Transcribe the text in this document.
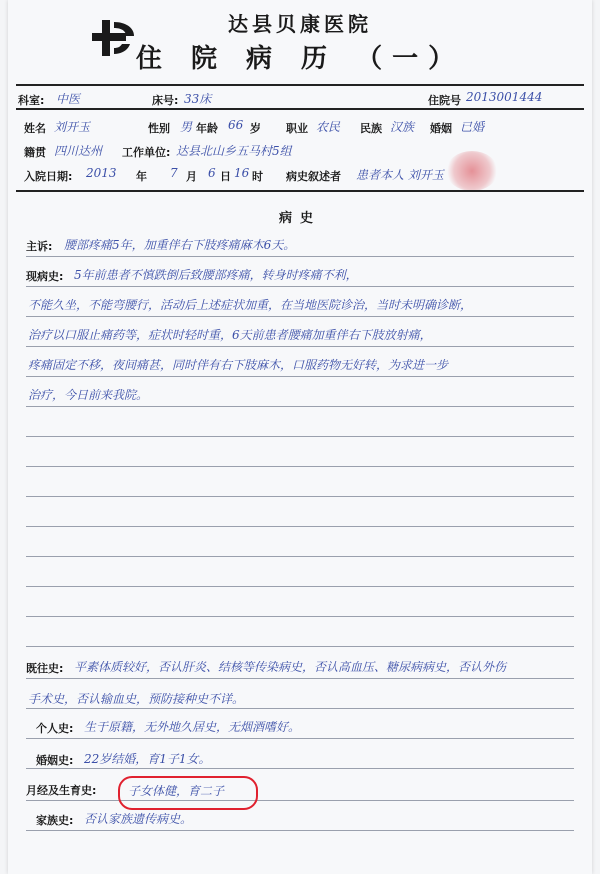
达县贝康医院
住 院 病 历 （一）
科室: 中医	床号: 33床	住院号 2013001444
姓名 刘开玉	性别 男 年龄 66 岁 职业 农民 民族 汉族 婚姻 已婚
籍贯 四川达州 工作单位: 达县北山乡五马村5组
入院日期: 2013 年 7 月 6 日 16 时 病史叙述者 患者本人 刘开玉
病史
主诉: 腰部疼痛5年，加重伴右下肢疼痛麻木6天。
现病史: 5年前患者不慎跌倒后致腰部疼痛，转身时疼痛不利，
不能久坐，不能弯腰行，活动后上述症状加重，在当地医院诊治，当时未明确诊断，
治疗以口服止痛药等，症状时轻时重，6天前患者腰痛加重伴右下肢放射痛，
疼痛固定不移，夜间痛甚，同时伴有右下肢麻木，口服药物无好转，为求进一步
治疗，今日前来我院。
既往史: 平素体质较好，否认肝炎、结核等传染病史，否认高血压、糖尿病病史，否认外伤
手术史，否认输血史，预防接种史不详。
个人史: 生于原籍，无外地久居史，无烟酒嗜好。
婚姻史: 22岁结婚，育1子1女。
月经及生育史:	子女体健，育二子
家族史: 否认家族遗传病史。
